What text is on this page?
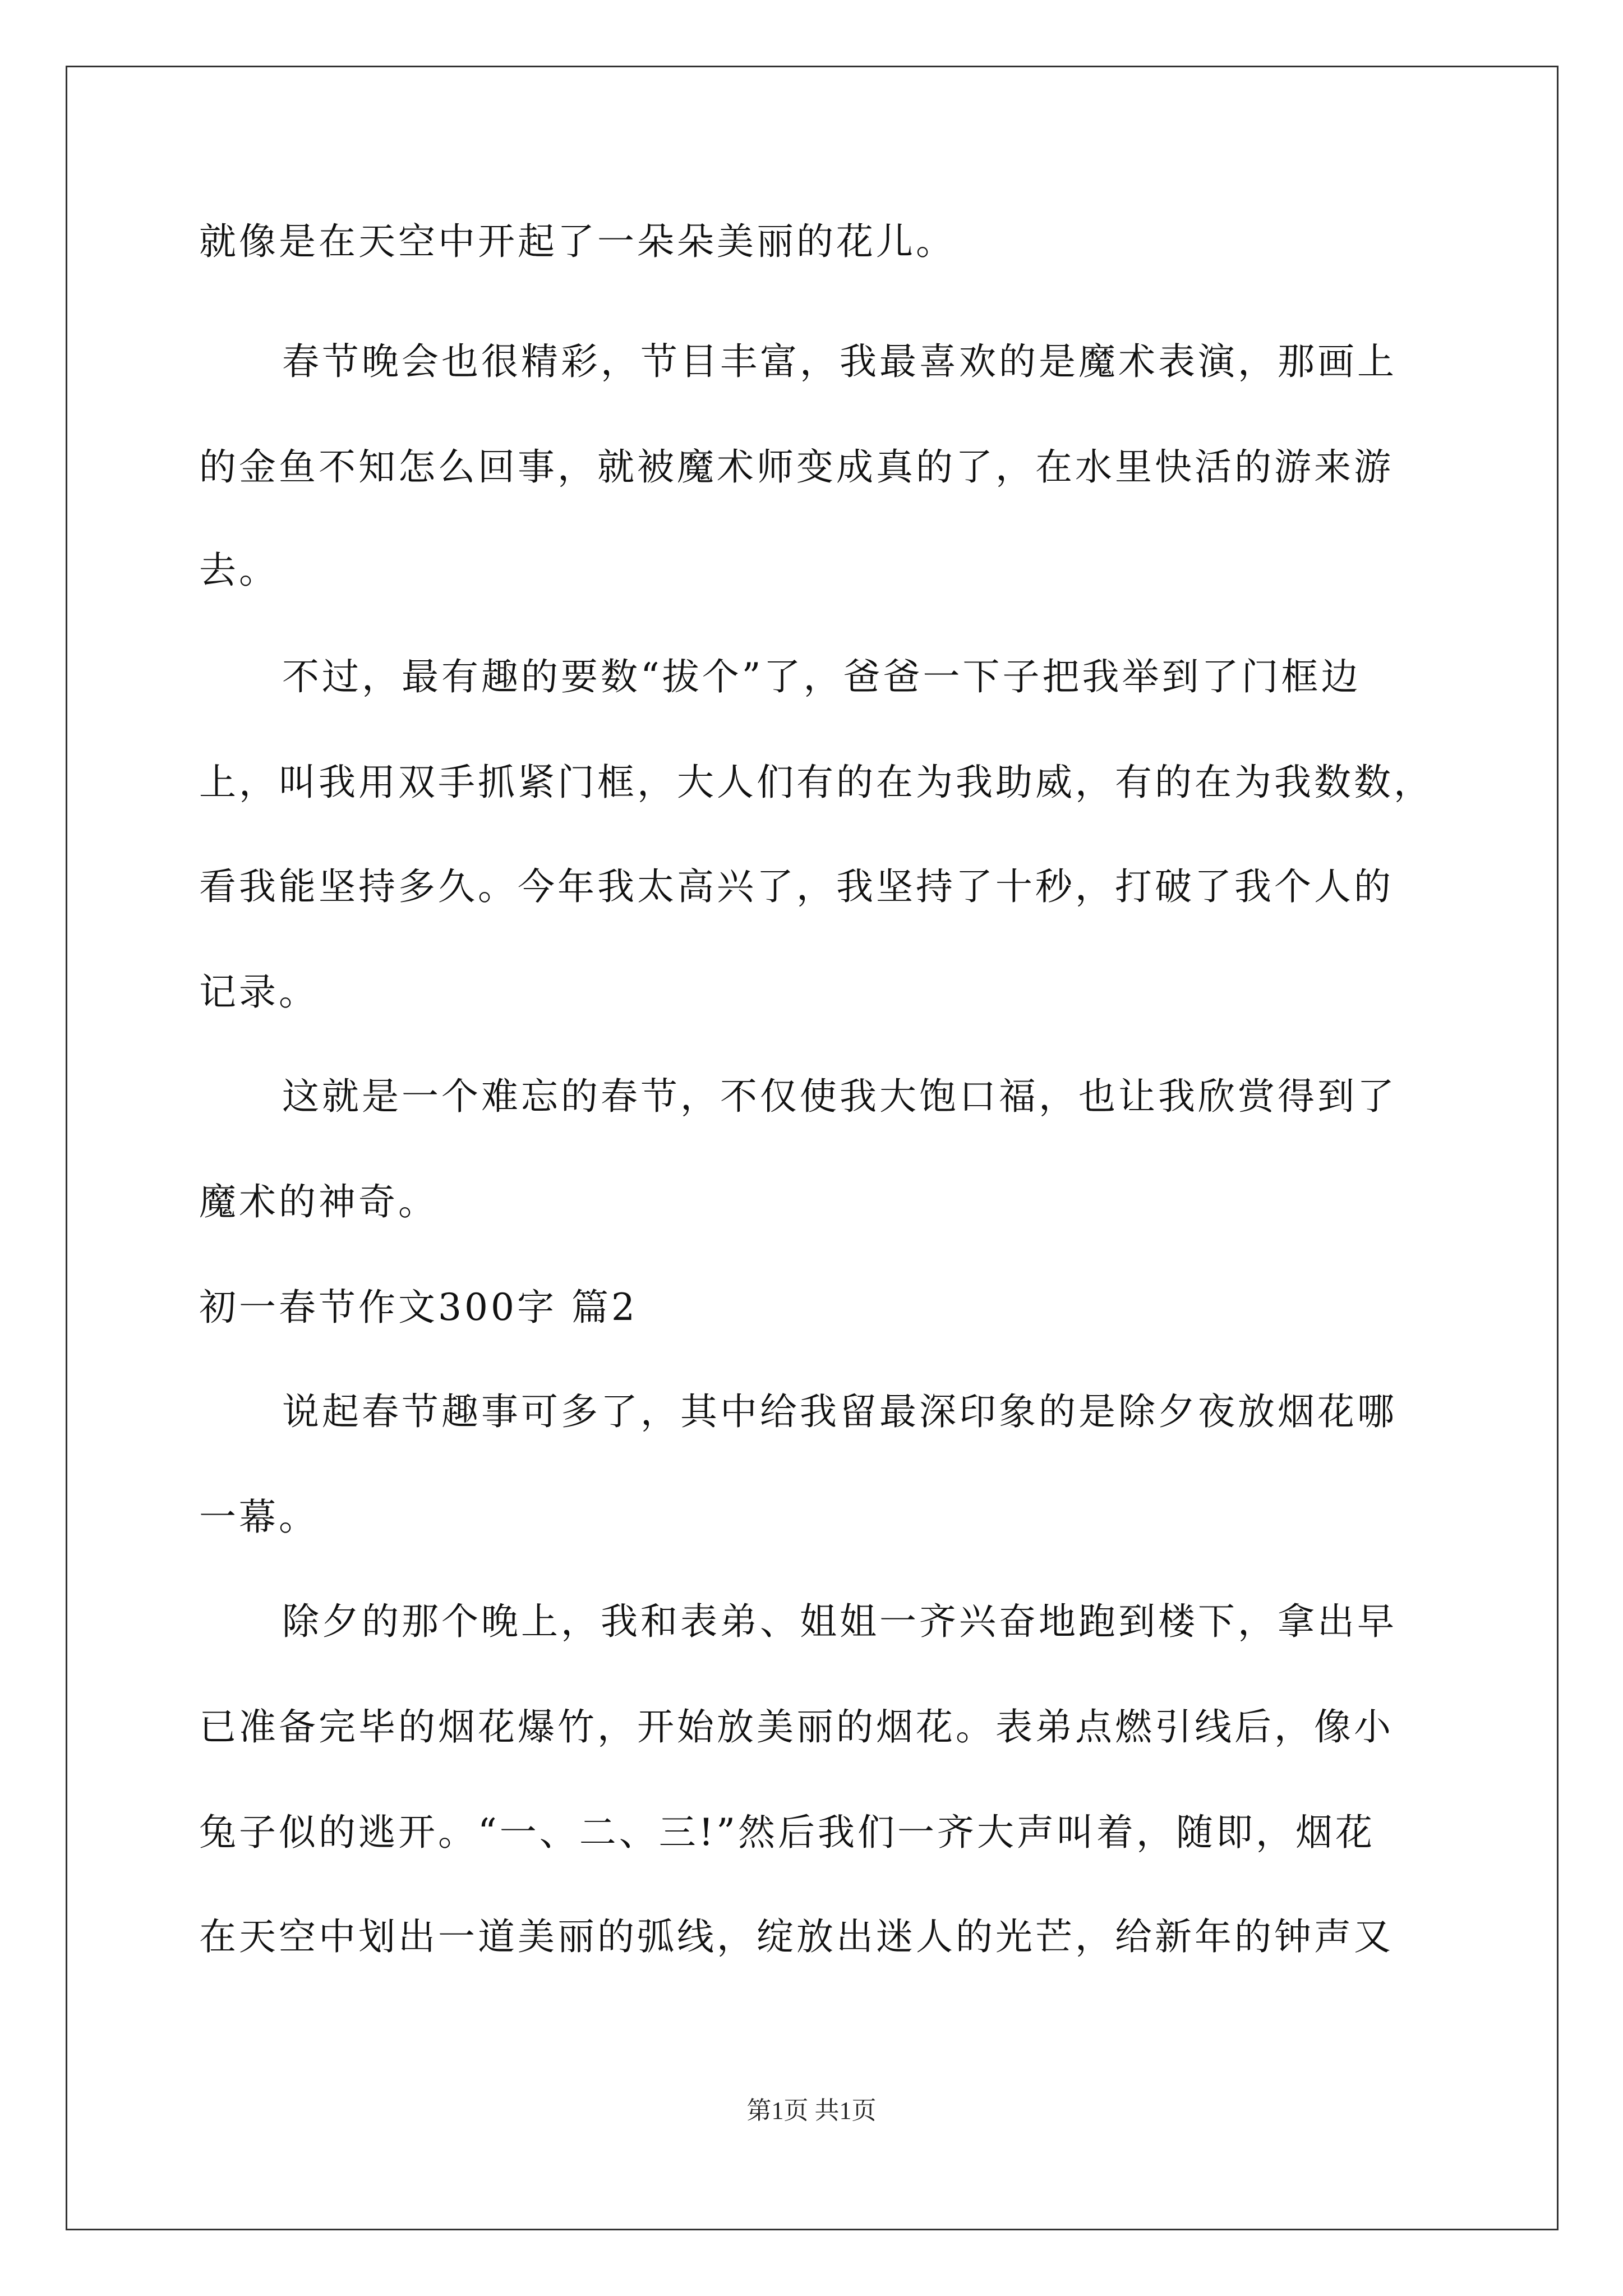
就像是在天空中开起了一朵朵美丽的花儿。
春节晚会也很精彩，节目丰富，我最喜欢的是魔术表演，那画上
的金鱼不知怎么回事，就被魔术师变成真的了，在水里快活的游来游
去。
不过，最有趣的要数“拔个”了，爸爸一下子把我举到了门框边
上，叫我用双手抓紧门框，大人们有的在为我助威，有的在为我数数，
看我能坚持多久。今年我太高兴了，我坚持了十秒，打破了我个人的
记录。
这就是一个难忘的春节，不仅使我大饱口福，也让我欣赏得到了
魔术的神奇。
初一春节作文300字 篇2
说起春节趣事可多了，其中给我留最深印象的是除夕夜放烟花哪
一幕。
除夕的那个晚上，我和表弟、姐姐一齐兴奋地跑到楼下，拿出早
已准备完毕的烟花爆竹，开始放美丽的烟花。表弟点燃引线后，像小
兔子似的逃开。“一、二、三!”然后我们一齐大声叫着，随即，烟花
在天空中划出一道美丽的弧线，绽放出迷人的光芒，给新年的钟声又
第1页 共1页
